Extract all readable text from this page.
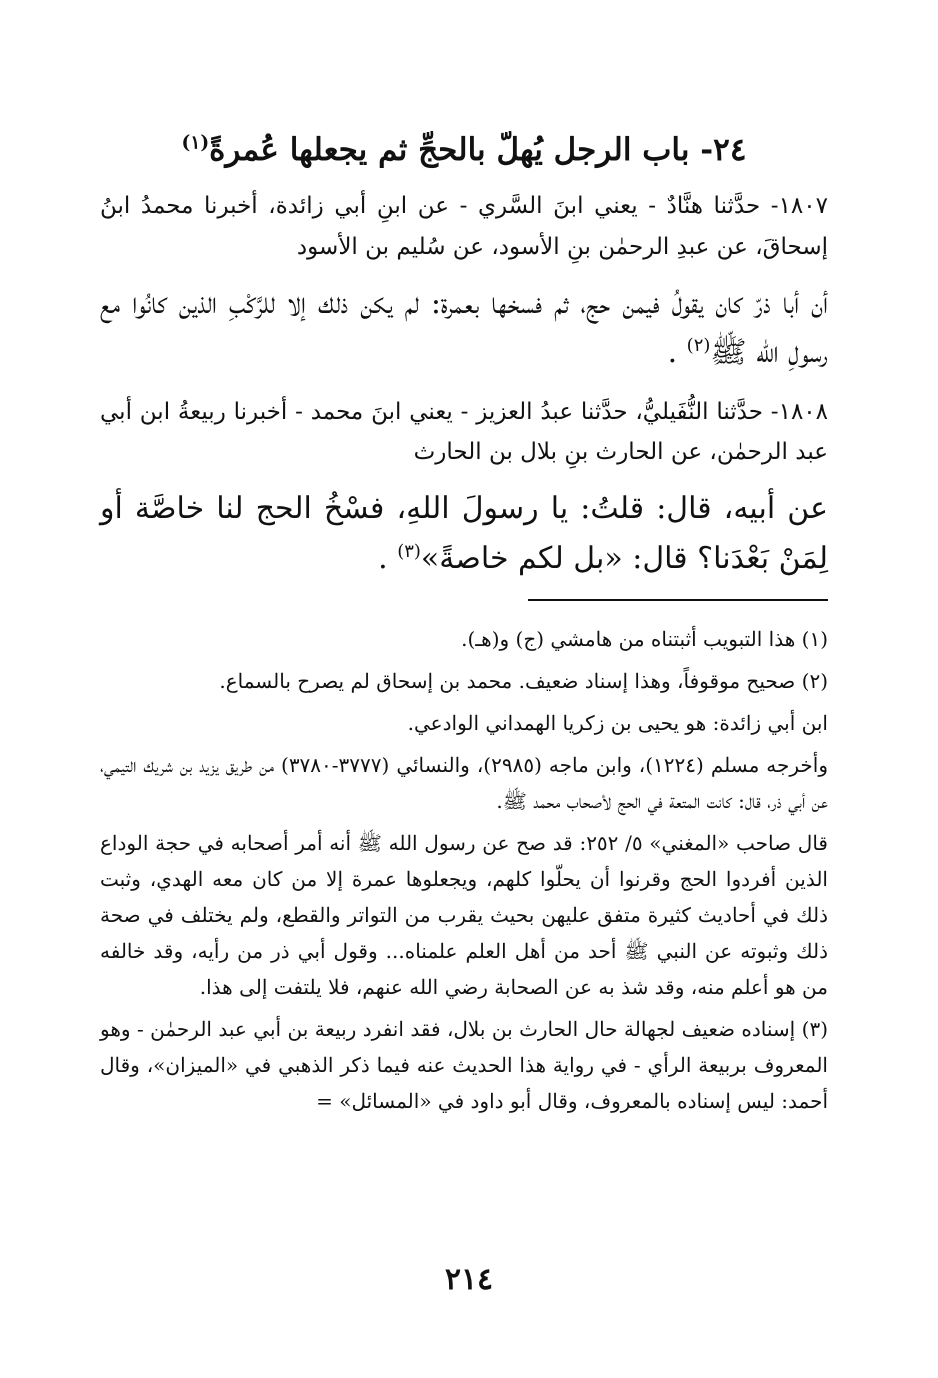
٢٤- باب الرجل يُهلّ بالحجِّ ثم يجعلها عُمرةً$^{(١)}$

١٨٠٧- حدَّثنا هنَّادٌ - يعني ابنَ السَّري - عن ابنِ أبي زائدة، أخبرنا محمدُ ابنُ إسحاقَ، عن عبدِ الرحمٰن بنِ الأسود، عن سُليم بن الأسود

أن أبا ذرّ كان يقولُ فيمن حج، ثم فسخها بعمرة: لم يكن ذلك إلا للرَّكْبِ الذين كانُوا مع رسولِ الله ﷺ$^{(٢)}$ .

١٨٠٨- حدَّثنا النُّفَيليُّ، حدَّثنا عبدُ العزيز - يعني ابنَ محمد - أخبرنا ربيعةُ ابن أبي عبد الرحمٰن، عن الحارث بنِ بلال بن الحارث

عن أبيه، قال: قلتُ: يا رسولَ اللهِ، فسْخُ الحج لنا خاصَّة أو لِمَنْ بَعْدَنا؟ قال: «بل لكم خاصةً»$^{(٣)}$ .

(١) هذا التبويب أثبتناه من هامشي (ج) و(هـ).

(٢) صحيح موقوفاً، وهذا إسناد ضعيف. محمد بن إسحاق لم يصرح بالسماع.

ابن أبي زائدة: هو يحيى بن زكريا الهمداني الوادعي.

وأخرجه مسلم (١٢٢٤)، وابن ماجه (٢٩٨٥)، والنسائي (٣٧٧٧-٣٧٨٠) من طريق يزيد بن شريك التيمي، عن أبي ذر، قال: كانت المتعة في الحج لأصحاب محمد ﷺ.

قال صاحب «المغني» ٥/ ٢٥٢: قد صح عن رسول الله ﷺ أنه أمر أصحابه في حجة الوداع الذين أفردوا الحج وقرنوا أن يحلّوا كلهم، ويجعلوها عمرة إلا من كان معه الهدي، وثبت ذلك في أحاديث كثيرة متفق عليهن بحيث يقرب من التواتر والقطع، ولم يختلف في صحة ذلك وثبوته عن النبي ﷺ أحد من أهل العلم علمناه... وقول أبي ذر من رأيه، وقد خالفه من هو أعلم منه، وقد شذ به عن الصحابة رضي الله عنهم، فلا يلتفت إلى هذا.

(٣) إسناده ضعيف لجهالة حال الحارث بن بلال، فقد انفرد ربيعة بن أبي عبد الرحمٰن - وهو المعروف بربيعة الرأي - في رواية هذا الحديث عنه فيما ذكر الذهبي في «الميزان»، وقال أحمد: ليس إسناده بالمعروف، وقال أبو داود في «المسائل» =

٢١٤
